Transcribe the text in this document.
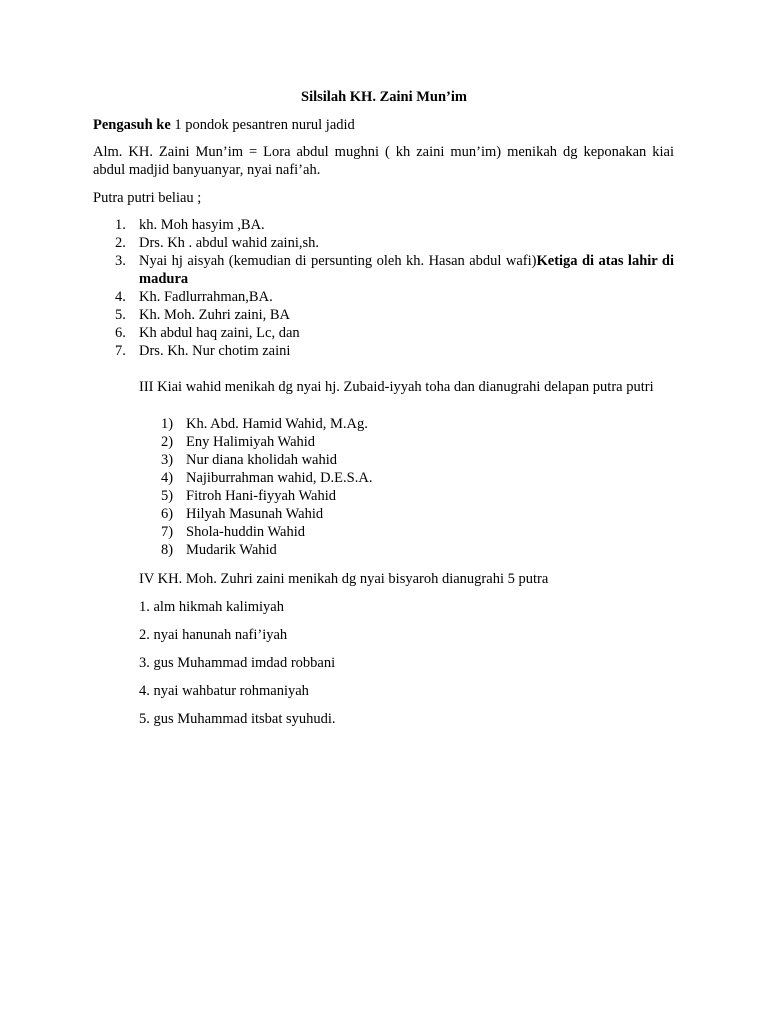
Silsilah KH. Zaini Mun’im
Pengasuh ke 1 pondok pesantren nurul jadid
Alm. KH. Zaini Mun’im = Lora abdul mughni ( kh zaini mun’im) menikah dg keponakan kiai abdul madjid banyuanyar, nyai nafi’ah.
Putra putri beliau ;
1. kh. Moh hasyim ,BA.
2. Drs. Kh . abdul wahid zaini,sh.
3. Nyai hj aisyah (kemudian di persunting oleh kh. Hasan abdul wafi)Ketiga di atas lahir di madura
4. Kh. Fadlurrahman,BA.
5. Kh. Moh. Zuhri zaini, BA
6. Kh abdul haq zaini, Lc, dan
7. Drs. Kh. Nur chotim zaini
III Kiai wahid menikah dg nyai hj. Zubaid-iyyah toha dan dianugrahi delapan putra putri
1) Kh. Abd. Hamid Wahid, M.Ag.
2) Eny Halimiyah Wahid
3) Nur diana kholidah wahid
4) Najiburrahman wahid, D.E.S.A.
5) Fitroh Hani-fiyyah Wahid
6) Hilyah Masunah Wahid
7) Shola-huddin Wahid
8) Mudarik Wahid
IV KH. Moh. Zuhri zaini menikah dg nyai bisyaroh dianugrahi 5 putra
1. alm hikmah kalimiyah
2. nyai hanunah nafi’iyah
3. gus Muhammad imdad robbani
4. nyai wahbatur rohmaniyah
5. gus Muhammad itsbat syuhudi.
